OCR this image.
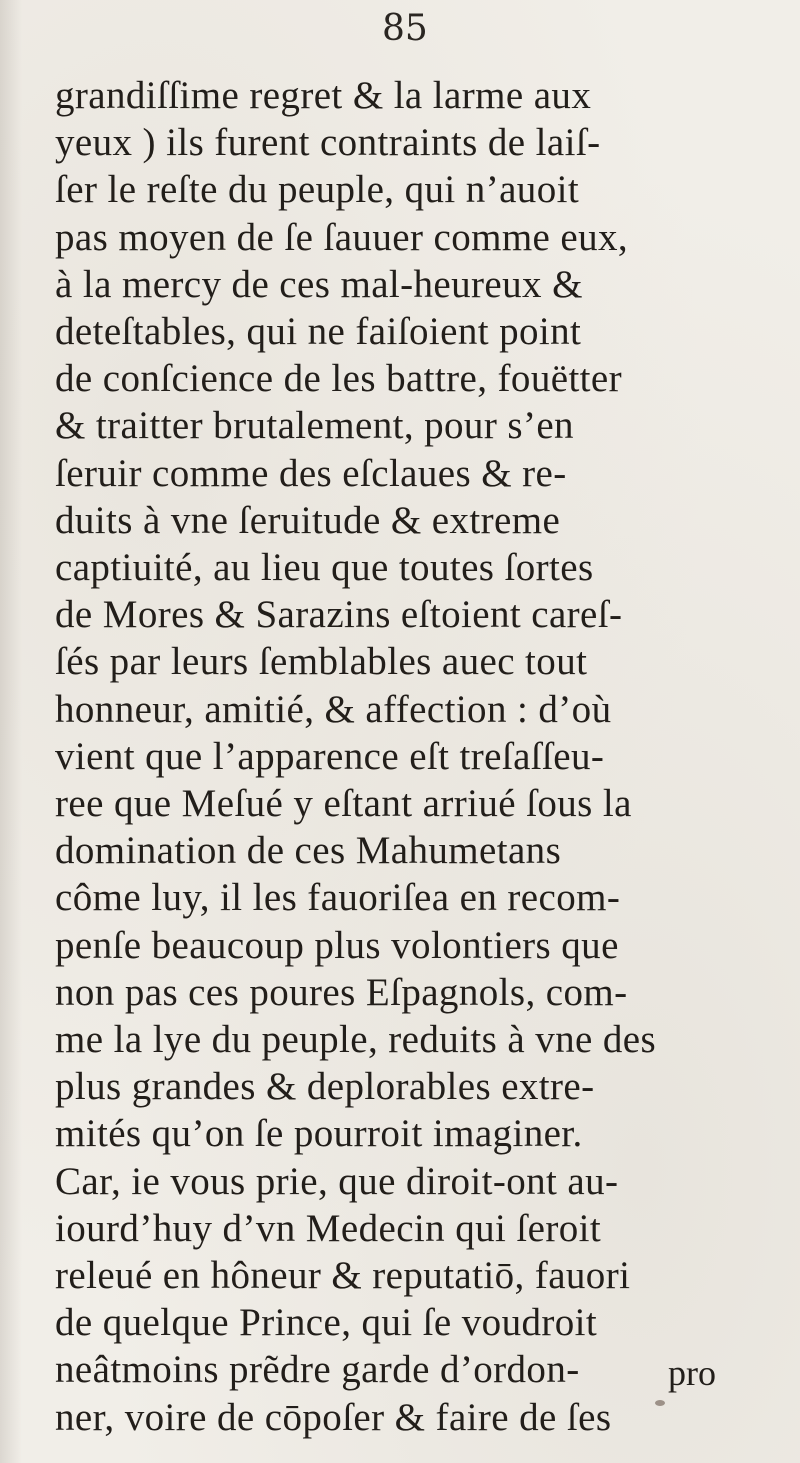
85
grandiſſime regret & la larme aux
yeux ) ils furent contraints de laiſ-
ſer le reſte du peuple, qui n’auoit
pas moyen de ſe ſauuer comme eux,
à la mercy de ces mal-heureux &
deteſtables, qui ne faiſoient point
de conſcience de les battre, fouëtter
& traitter brutalement, pour s’en
ſeruir comme des eſclaues & re-
duits à vne ſeruitude & extreme
captiuité, au lieu que toutes ſortes
de Mores & Sarazins eſtoient careſ-
ſés par leurs ſemblables auec tout
honneur, amitié, & affection : d’où
vient que l’apparence eſt treſaſſeu-
ree que Meſué y eſtant arriué ſous la
domination de ces Mahumetans
côme luy, il les fauoriſea en recom-
penſe beaucoup plus volontiers que
non pas ces poures Eſpagnols, com-
me la lye du peuple, reduits à vne des
plus grandes & deplorables extre-
mités qu’on ſe pourroit imaginer.
Car, ie vous prie, que diroit-ont au-
iourd’huy d’vn Medecin qui ſeroit
releué en hôneur & reputatiō, fauori
de quelque Prince, qui ſe voudroit
neâtmoins prẽdre garde d’ordon-
ner, voire de cōpoſer & faire de ſes
pro
